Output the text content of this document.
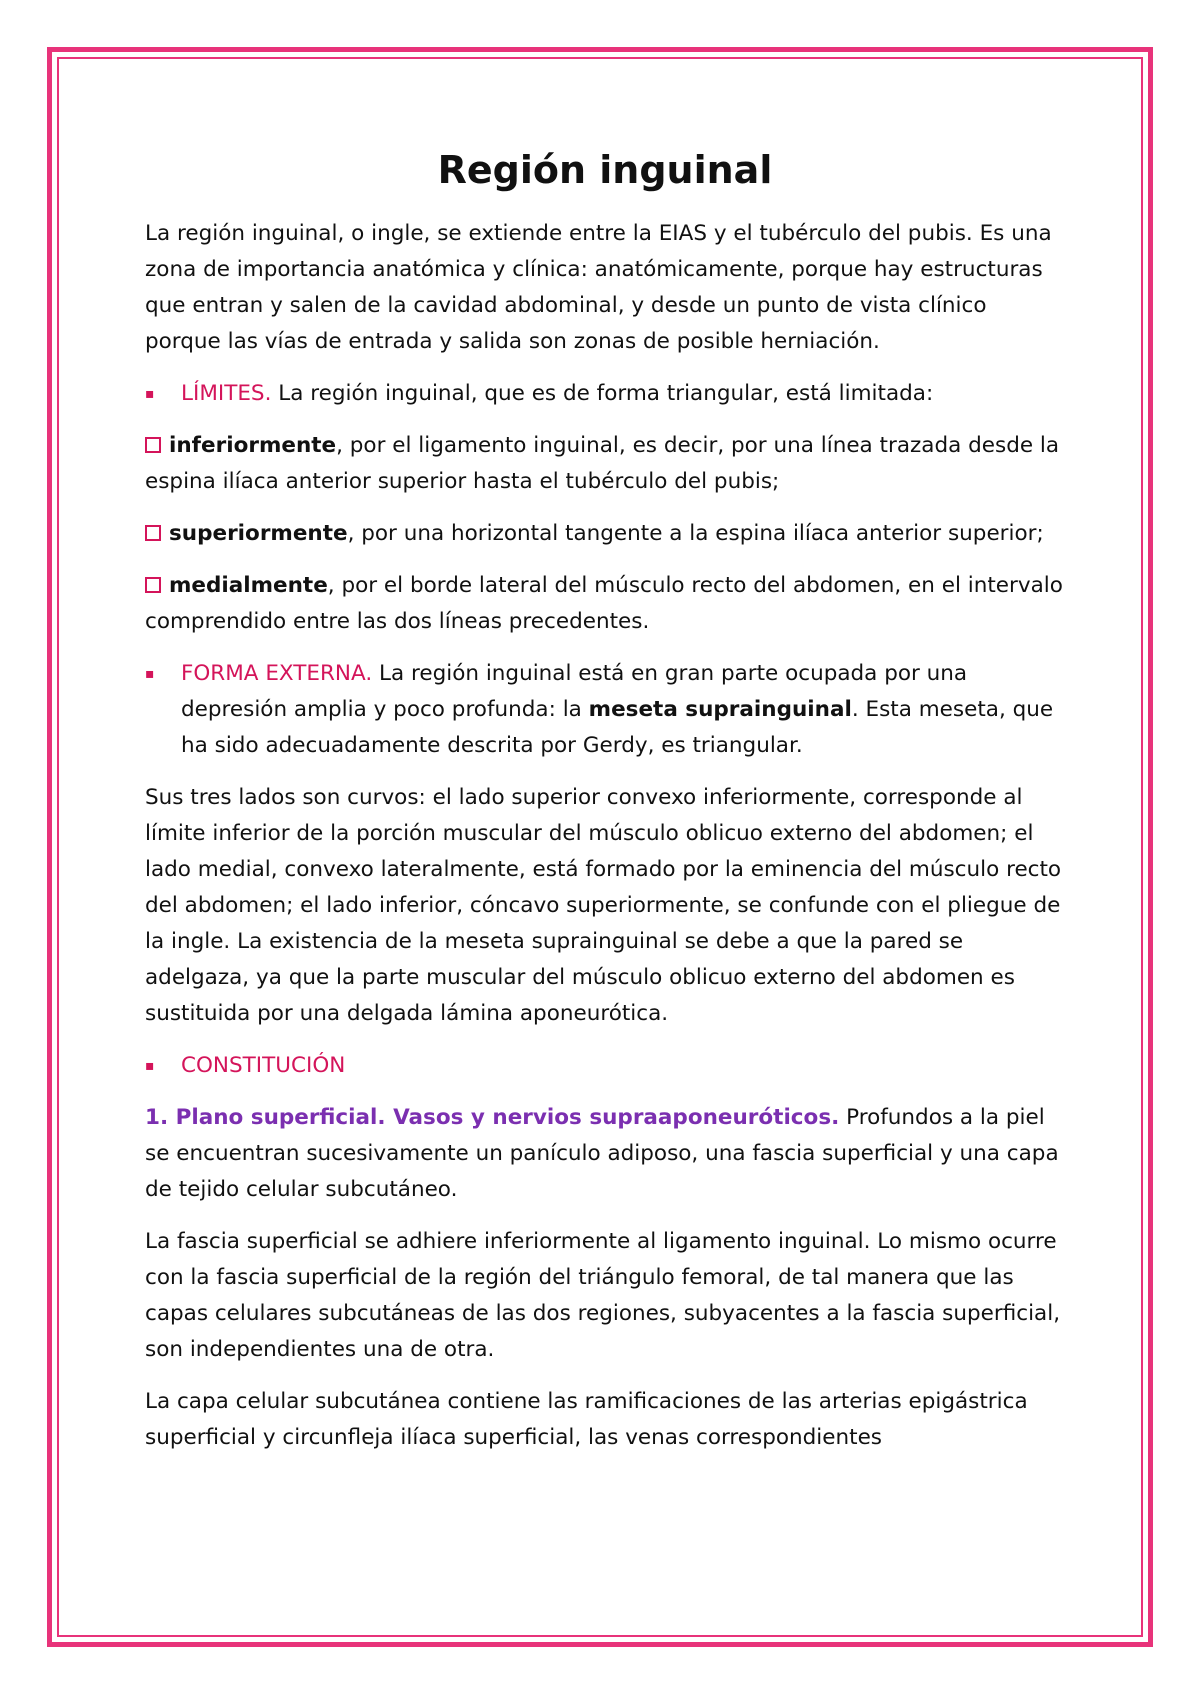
Región inguinal

La región inguinal, o ingle, se extiende entre la EIAS y el tubérculo del pubis. Es una zona de importancia anatómica y clínica: anatómicamente, porque hay estructuras que entran y salen de la cavidad abdominal, y desde un punto de vista clínico porque las vías de entrada y salida son zonas de posible herniación.

▪	LÍMITES. La región inguinal, que es de forma triangular, está limitada:
inferiormente, por el ligamento inguinal, es decir, por una línea trazada desde la espina ilíaca anterior superior hasta el tubérculo del pubis;
superiormente, por una horizontal tangente a la espina ilíaca anterior superior;
medialmente, por el borde lateral del músculo recto del abdomen, en el intervalo comprendido entre las dos líneas precedentes.
▪	FORMA EXTERNA. La región inguinal está en gran parte ocupada por una depresión amplia y poco profunda: la meseta suprainguinal. Esta meseta, que ha sido adecuadamente descrita por Gerdy, es triangular.

Sus tres lados son curvos: el lado superior convexo inferiormente, corresponde al límite inferior de la porción muscular del músculo oblicuo externo del abdomen; el lado medial, convexo lateralmente, está formado por la eminencia del músculo recto del abdomen; el lado inferior, cóncavo superiormente, se confunde con el pliegue de la ingle. La existencia de la meseta suprainguinal se debe a que la pared se adelgaza, ya que la parte muscular del músculo oblicuo externo del abdomen es sustituida por una delgada lámina aponeurótica.

▪	CONSTITUCIÓN

1. Plano superficial. Vasos y nervios supraaponeuróticos. Profundos a la piel se encuentran sucesivamente un panículo adiposo, una fascia superficial y una capa de tejido celular subcutáneo.

La fascia superficial se adhiere inferiormente al ligamento inguinal. Lo mismo ocurre con la fascia superficial de la región del triángulo femoral, de tal manera que las capas celulares subcutáneas de las dos regiones, subyacentes a la fascia superficial, son independientes una de otra.

La capa celular subcutánea contiene las ramificaciones de las arterias epigástrica superficial y circunfleja ilíaca superficial, las venas correspondientes
